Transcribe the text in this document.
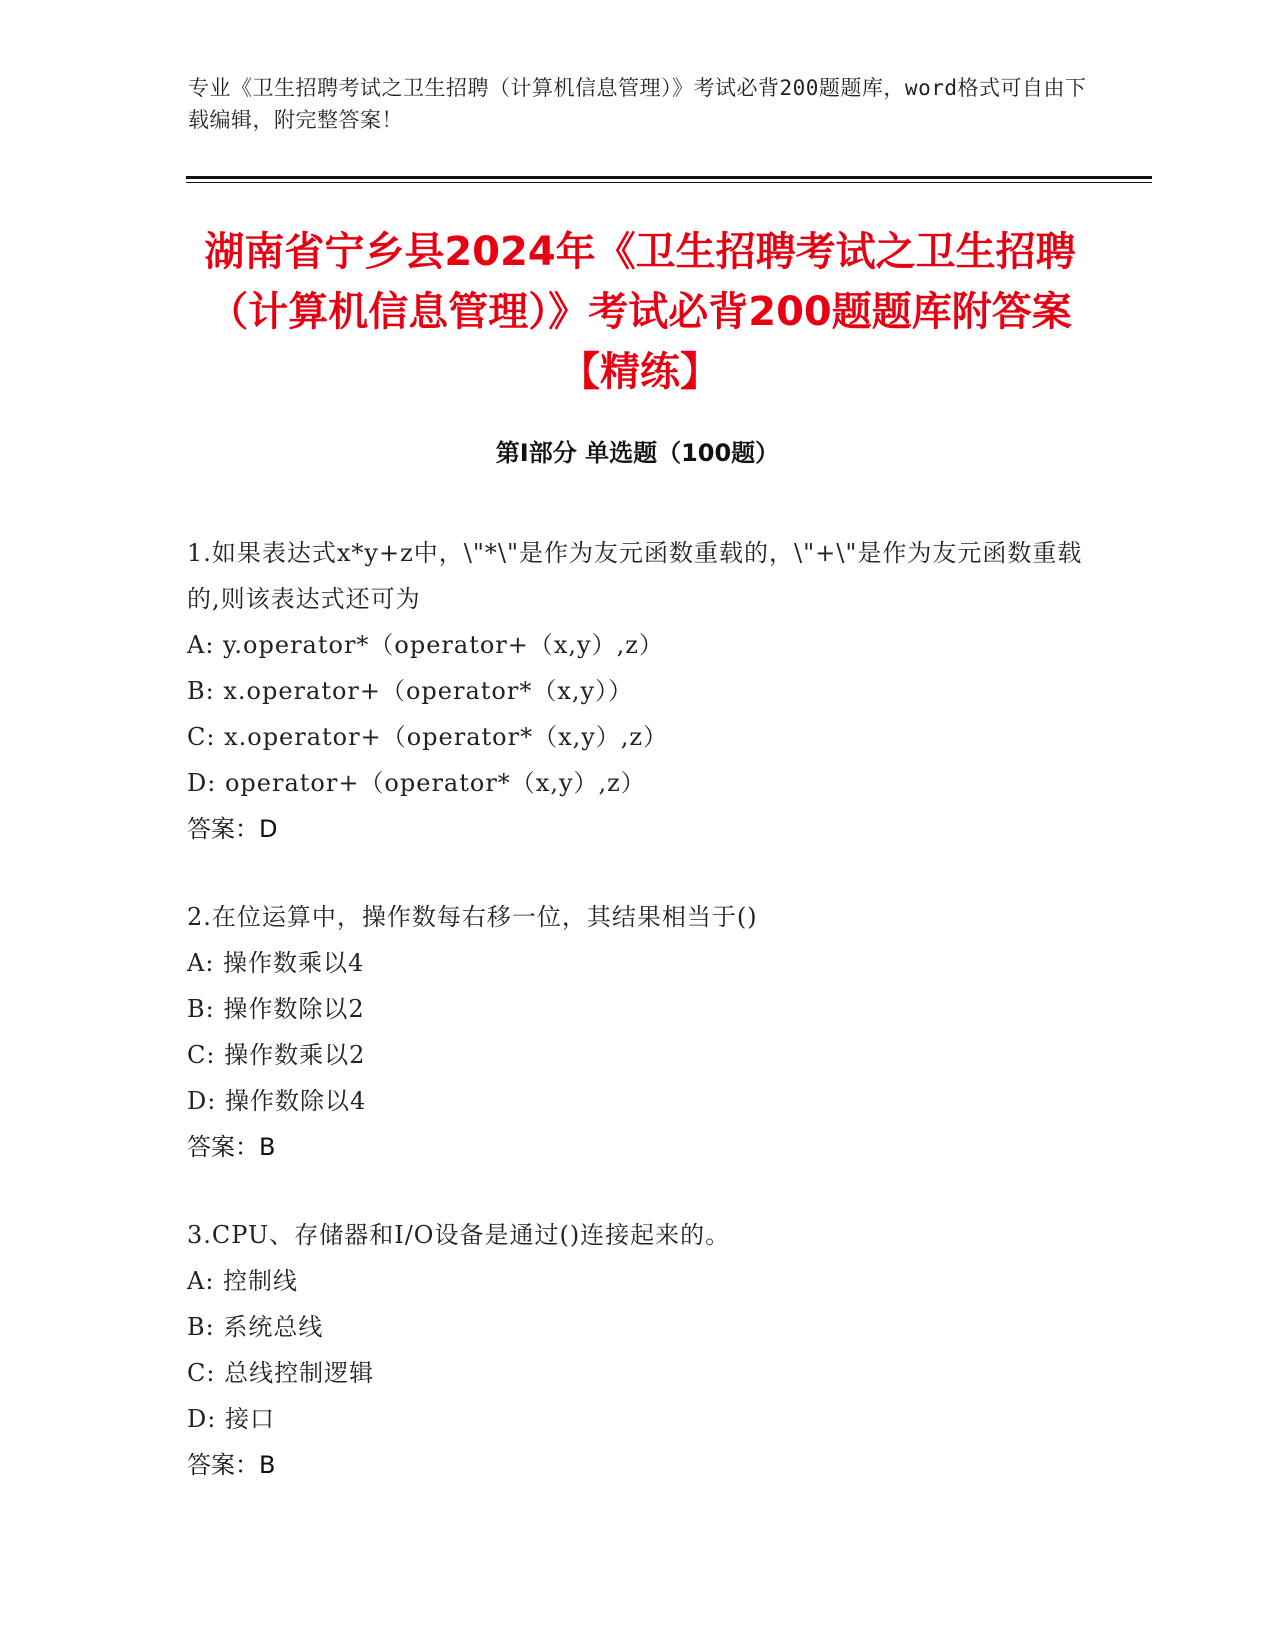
专业《卫生招聘考试之卫生招聘（计算机信息管理）》考试必背200题题库，word格式可自由下载编辑，附完整答案！
湖南省宁乡县2024年《卫生招聘考试之卫生招聘（计算机信息管理）》考试必背200题题库附答案【精练】
第Ⅰ部分 单选题（100题）

1.如果表达式x*y+z中，\"*\"是作为友元函数重载的，\"+\"是作为友元函数重载的,则该表达式还可为

A: y.operator*（operator+（x,y）,z）

B: x.operator+（operator*（x,y））

C: x.operator+（operator*（x,y）,z）

D: operator+（operator*（x,y）,z）

答案：D

2.在位运算中，操作数每右移一位，其结果相当于()

A: 操作数乘以4

B: 操作数除以2

C: 操作数乘以2

D: 操作数除以4

答案：B

3.CPU、存储器和I/O设备是通过()连接起来的。

A: 控制线

B: 系统总线

C: 总线控制逻辑

D: 接口

答案：B
